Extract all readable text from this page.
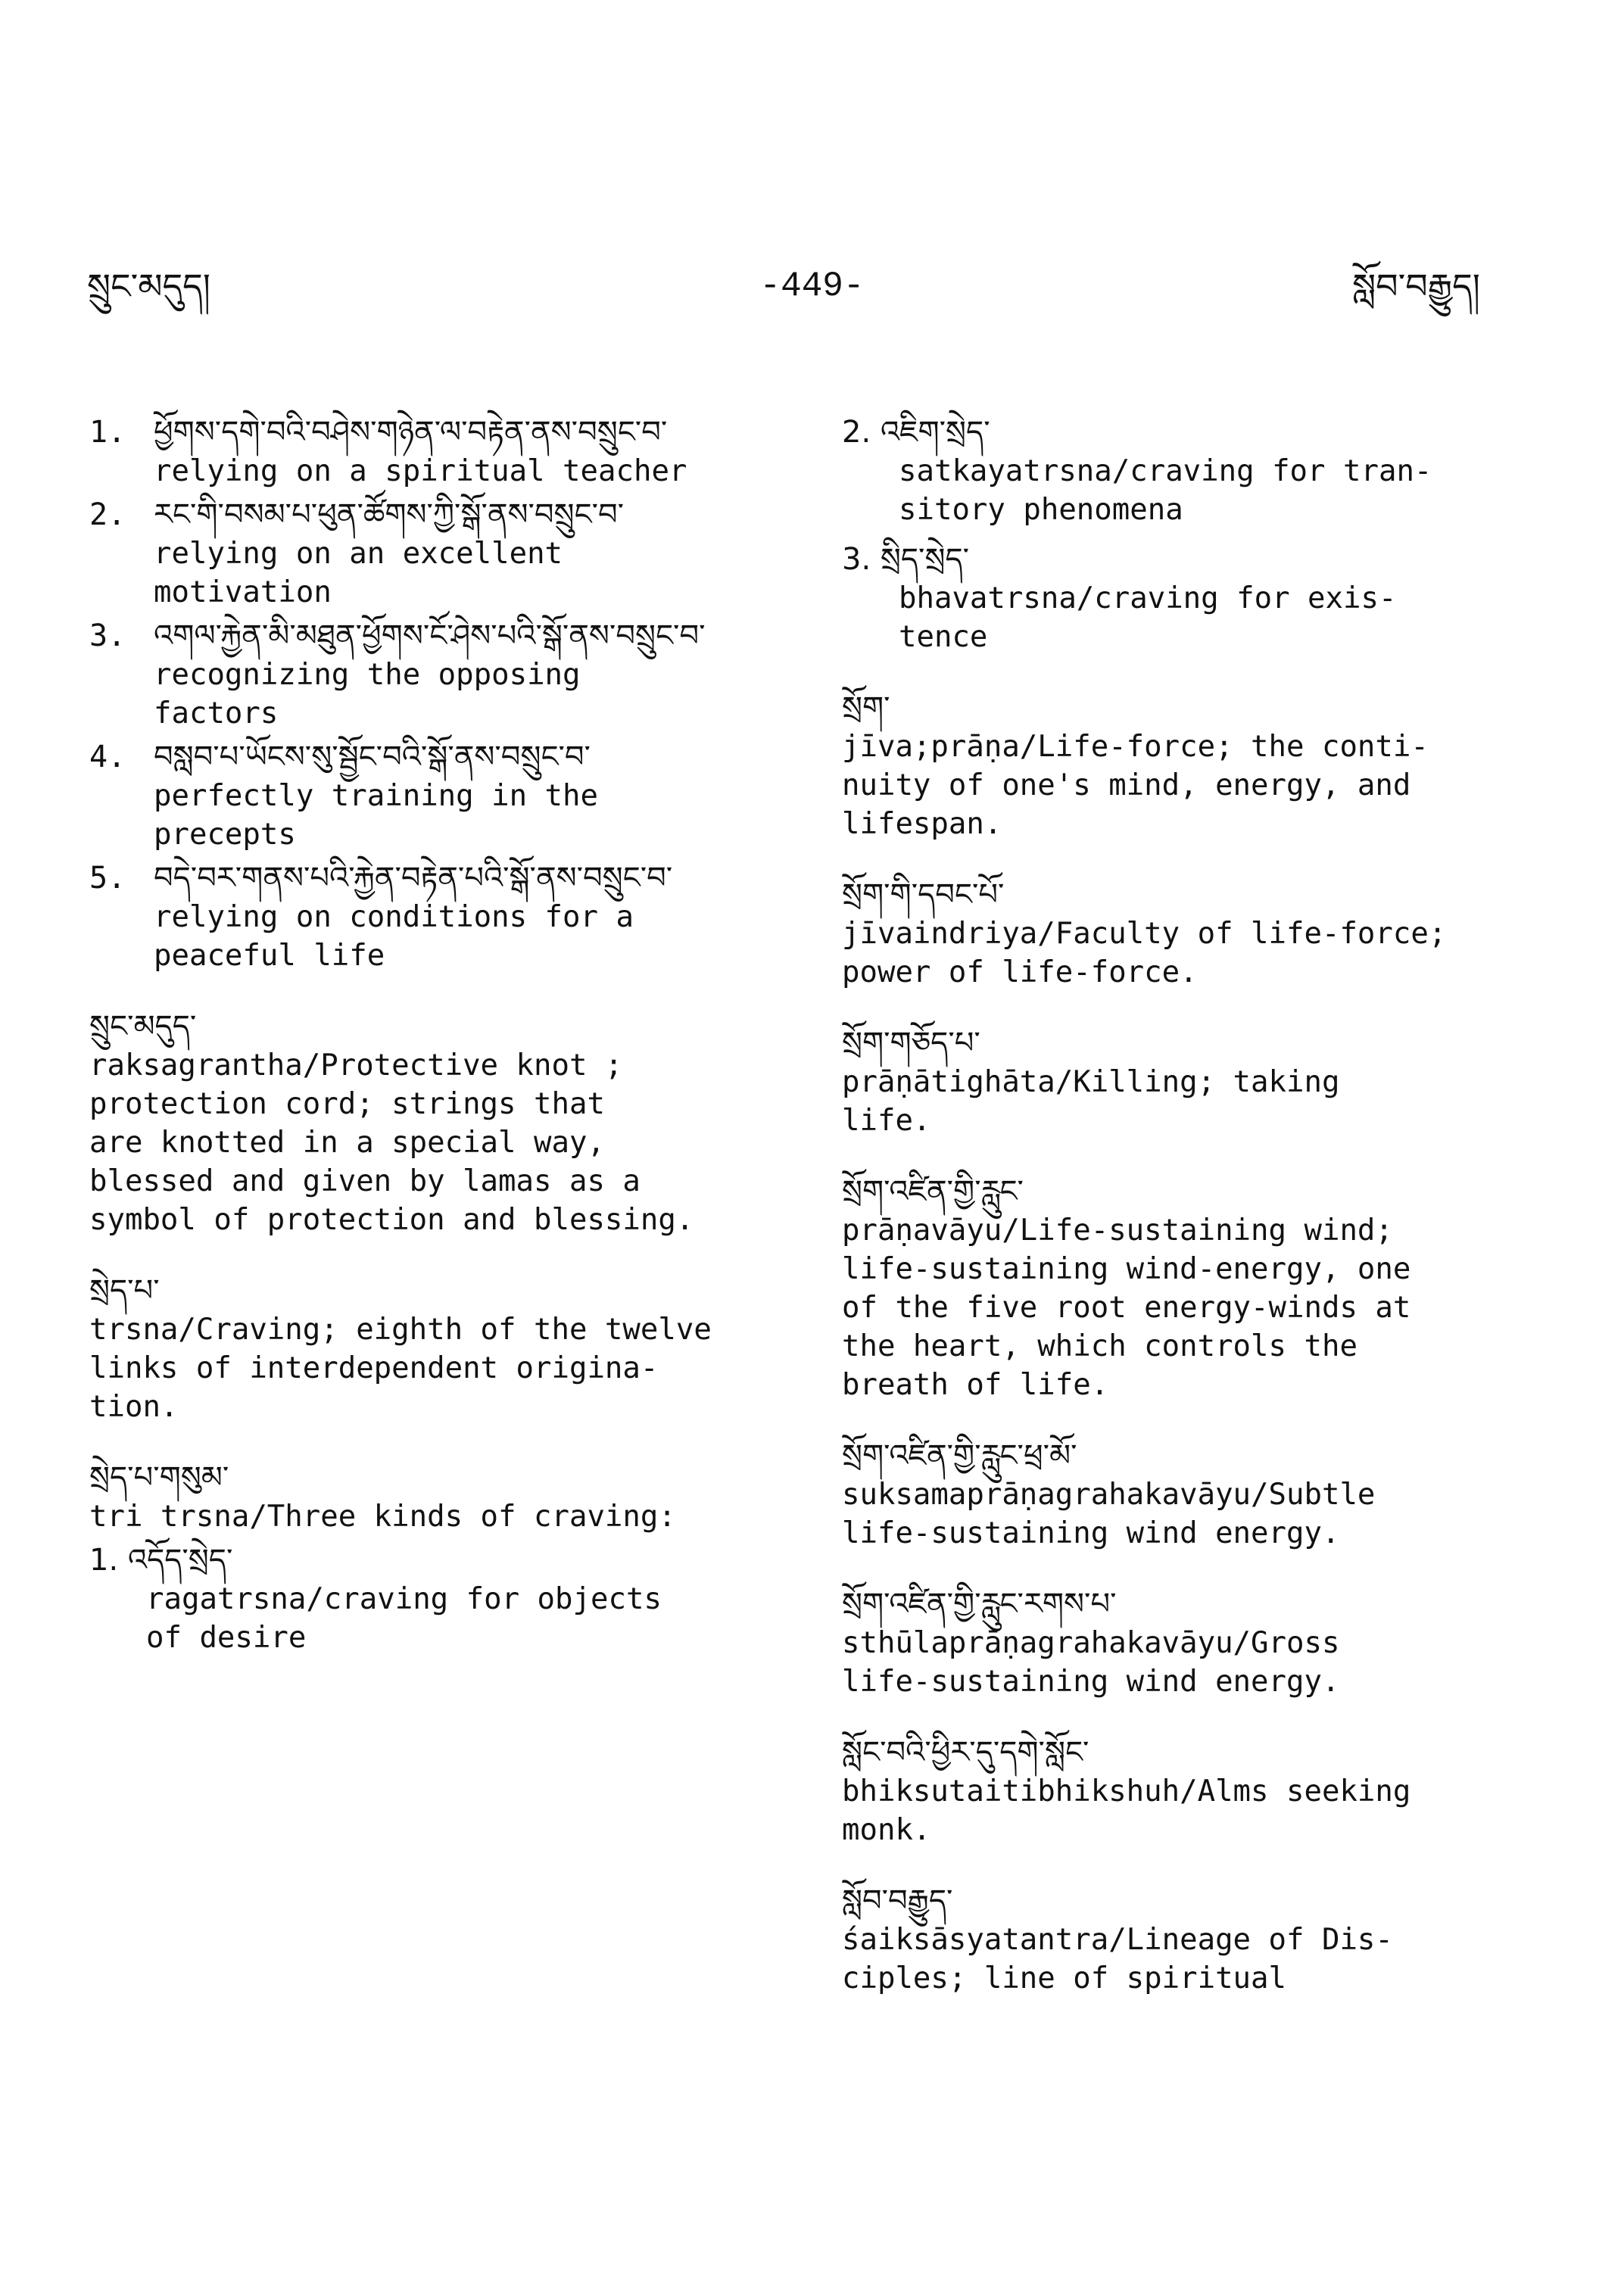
སྲུང་མདུད།	-449-	སློབ་བརྒྱུད།
1. ཕྱོགས་དགེ་བའི་བཤེས་གཉེན་ལ་བརྟེན་ནས་བསྲུང་བ་

relying on a spiritual teacher

2. རང་གི་བསམ་པ་ཕུན་ཚོགས་ཀྱི་སྒོ་ནས་བསྲུང་བ་

relying on an excellent
motivation

3. འགལ་རྐྱེན་མི་མཐུན་ཕྱོགས་ངོ་ཤེས་པའི་སྒོ་ནས་བསྲུང་བ་

recognizing the opposing
factors

4. བསླབ་པ་ཡོངས་སུ་སྦྱོང་བའི་སྒོ་ནས་བསྲུང་བ་

perfectly training in the
precepts

5. བདེ་བར་གནས་པའི་རྐྱེན་བརྟེན་པའི་སྒོ་ནས་བསྲུང་བ་

relying on conditions for a
peaceful life

སྲུང་མདུད་

raksagrantha/Protective knot ;
protection cord; strings that
are knotted in a special way,
blessed and given by lamas as a
symbol of protection and blessing.

སྲེད་པ་

trsna/Craving; eighth of the twelve
links of interdependent origina-
tion.

སྲེད་པ་གསུམ་

tri trsna/Three kinds of craving:

1. འདོད་སྲེད་

ragatrsna/craving for objects
of desire

2. འཇིག་སྲེད་

satkayatrsna/craving for tran-
sitory phenomena

3. སྲིད་སྲེད་

bhavatrsna/craving for exis-
tence

སྲོག་

jīva;prāṇa/Life-force; the conti-
nuity of one's mind, energy, and
lifespan.

སྲོག་གི་དབང་པོ་

jīvaindriya/Faculty of life-force;
power of life-force.

སྲོག་གཅོད་པ་

prāṇātighāta/Killing; taking
life.

སྲོག་འཛིན་གྱི་རླུང་

prāṇavāyu/Life-sustaining wind;
life-sustaining wind-energy, one
of the five root energy-winds at
the heart, which controls the
breath of life.

སྲོག་འཛིན་གྱི་རླུང་ཕྲ་མོ་

suksamaprāṇagrahakavāyu/Subtle
life-sustaining wind energy.

སྲོག་འཛིན་གྱི་རླུང་རགས་པ་

sthūlaprāṇagrahakavāyu/Gross
life-sustaining wind energy.

སློང་བའི་ཕྱིར་དུ་དགེ་སློང་

bhiksutaitibhikshuh/Alms seeking
monk.

སློབ་བརྒྱུད་

śaiksāsyatantra/Lineage of Dis-
ciples; line of spiritual
